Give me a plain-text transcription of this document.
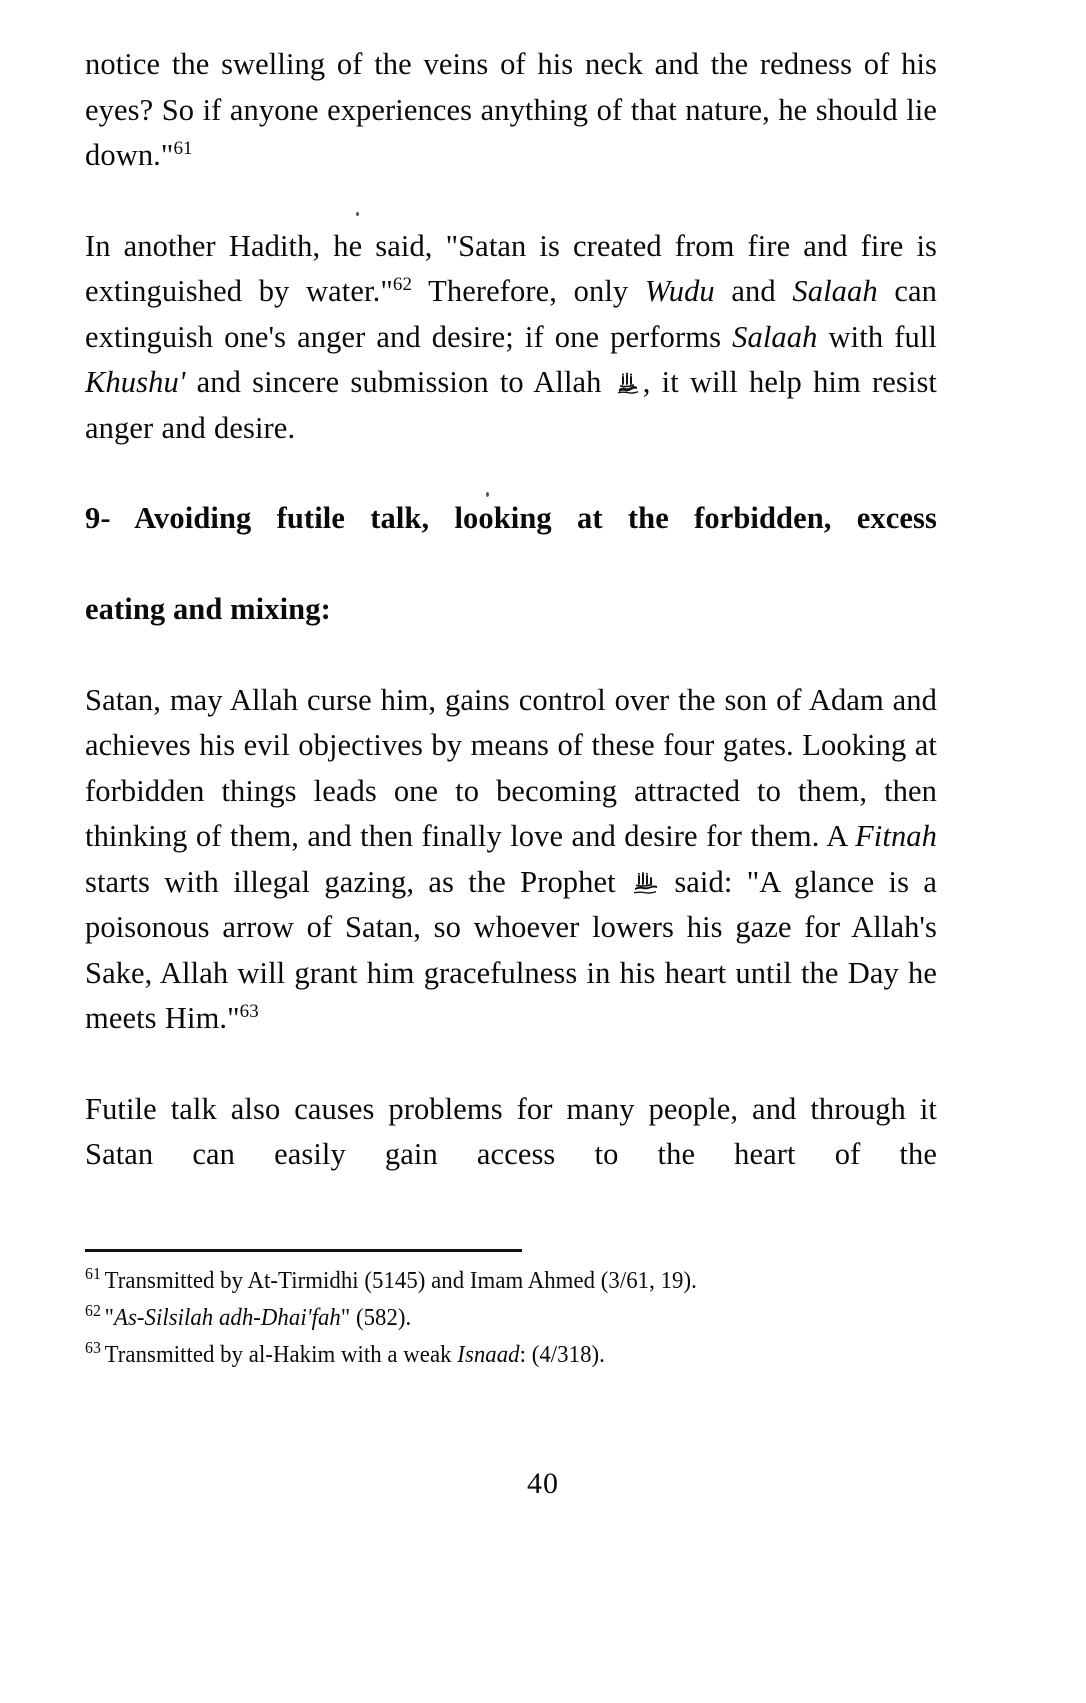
notice the swelling of the veins of his neck and the redness of his eyes? So if anyone experiences anything of that nature, he should lie down."$^{61}$

In another Hadith, he said, "Satan is created from fire and fire is extinguished by water."$^{62}$ Therefore, only Wudu and Salaah can extinguish one's anger and desire; if one performs Salaah with full Khushu' and sincere submission to Allah
, it will help him resist anger and desire.

9- Avoiding futile talk, looking at the forbidden, excess
eating and mixing:

Satan, may Allah curse him, gains control over the son of Adam and achieves his evil objectives by means of these four gates. Looking at forbidden things leads one to becoming attracted to them, then thinking of them, and then finally love and desire for them. A Fitnah starts with illegal gazing, as the Prophet
said: "A glance is a poisonous arrow of Satan, so whoever lowers his gaze for Allah's Sake, Allah will grant him gracefulness in his heart until the Day he meets Him."$^{63}$

Futile talk also causes problems for many people, and through it Satan can easily gain access to the heart of the

$^{61}$ Transmitted by At-Tirmidhi (5145) and Imam Ahmed (3/61, 19).
$^{62}$ "As-Silsilah adh-Dhai'fah" (582).
$^{63}$ Transmitted by al-Hakim with a weak Isnaad: (4/318).
40
